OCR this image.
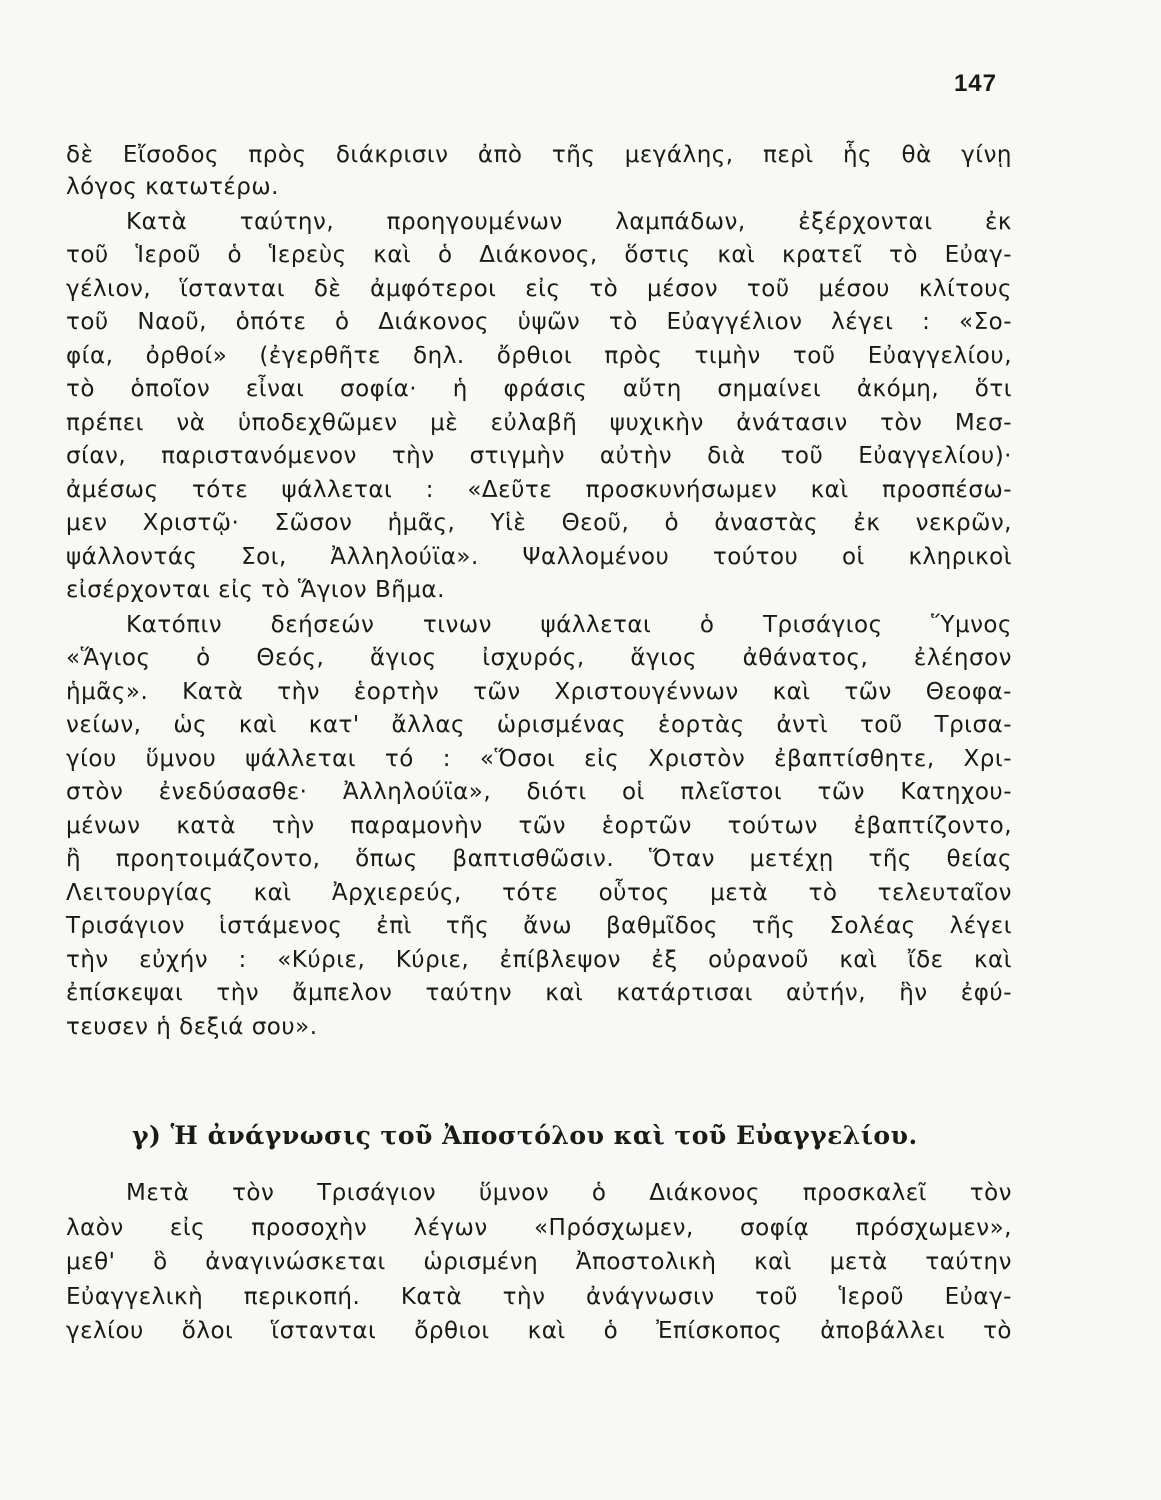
147
δὲ Εἴσοδος πρὸς διάκρισιν ἀπὸ τῆς μεγάλης, περὶ ἧς θὰ γίνῃ
λόγος κατωτέρω.
Κατὰ ταύτην, προηγουμένων λαμπάδων, ἐξέρχονται ἐκ
τοῦ Ἱεροῦ ὁ Ἱερεὺς καὶ ὁ Διάκονος, ὅστις καὶ κρατεῖ τὸ Εὐαγ-
γέλιον, ἵστανται δὲ ἀμφότεροι εἰς τὸ μέσον τοῦ μέσου κλίτους
τοῦ Ναοῦ, ὁπότε ὁ Διάκονος ὑψῶν τὸ Εὐαγγέλιον λέγει : «Σο-
φία, ὀρθοί» (ἐγερθῆτε δηλ. ὄρθιοι πρὸς τιμὴν τοῦ Εὐαγγελίου,
τὸ ὁποῖον εἶναι σοφία· ἡ φράσις αὕτη σημαίνει ἀκόμη, ὅτι
πρέπει νὰ ὑποδεχθῶμεν μὲ εὐλαβῆ ψυχικὴν ἀνάτασιν τὸν Μεσ-
σίαν, παριστανόμενον τὴν στιγμὴν αὐτὴν διὰ τοῦ Εὐαγγελίου)·
ἀμέσως τότε ψάλλεται : «Δεῦτε προσκυνήσωμεν καὶ προσπέσω-
μεν Χριστῷ· Σῶσον ἡμᾶς, Υἱὲ Θεοῦ, ὁ ἀναστὰς ἐκ νεκρῶν,
ψάλλοντάς Σοι, Ἀλληλούϊα». Ψαλλομένου τούτου οἱ κληρικοὶ
εἰσέρχονται εἰς τὸ Ἅγιον Βῆμα.
Κατόπιν δεήσεών τινων ψάλλεται ὁ Τρισάγιος Ὕμνος
«Ἅγιος ὁ Θεός, ἅγιος ἰσχυρός, ἅγιος ἀθάνατος, ἐλέησον
ἡμᾶς». Κατὰ τὴν ἑορτὴν τῶν Χριστουγέννων καὶ τῶν Θεοφα-
νείων, ὡς καὶ κατ' ἄλλας ὡρισμένας ἑορτὰς ἀντὶ τοῦ Τρισα-
γίου ὕμνου ψάλλεται τό : «Ὅσοι εἰς Χριστὸν ἐβαπτίσθητε, Χρι-
στὸν ἐνεδύσασθε· Ἀλληλούϊα», διότι οἱ πλεῖστοι τῶν Κατηχου-
μένων κατὰ τὴν παραμονὴν τῶν ἑορτῶν τούτων ἐβαπτίζοντο,
ἢ προητοιμάζοντο, ὅπως βαπτισθῶσιν. Ὅταν μετέχῃ τῆς θείας
Λειτουργίας καὶ Ἀρχιερεύς, τότε οὗτος μετὰ τὸ τελευταῖον
Τρισάγιον ἱστάμενος ἐπὶ τῆς ἄνω βαθμῖδος τῆς Σολέας λέγει
τὴν εὐχήν : «Κύριε, Κύριε, ἐπίβλεψον ἐξ οὐρανοῦ καὶ ἴδε καὶ
ἐπίσκεψαι τὴν ἄμπελον ταύτην καὶ κατάρτισαι αὐτήν, ἣν ἐφύ-
τευσεν ἡ δεξιά σου».
γ) Ἡ ἀνάγνωσις τοῦ Ἀποστόλου καὶ τοῦ Εὐαγγελίου.
Μετὰ τὸν Τρισάγιον ὕμνον ὁ Διάκονος προσκαλεῖ τὸν
λαὸν εἰς προσοχὴν λέγων «Πρόσχωμεν, σοφίᾳ πρόσχωμεν»,
μεθ' ὃ ἀναγινώσκεται ὡρισμένη Ἀποστολικὴ καὶ μετὰ ταύτην
Εὐαγγελικὴ περικοπή. Κατὰ τὴν ἀνάγνωσιν τοῦ Ἱεροῦ Εὐαγ-
γελίου ὅλοι ἵστανται ὄρθιοι καὶ ὁ Ἐπίσκοπος ἀποβάλλει τὸ
